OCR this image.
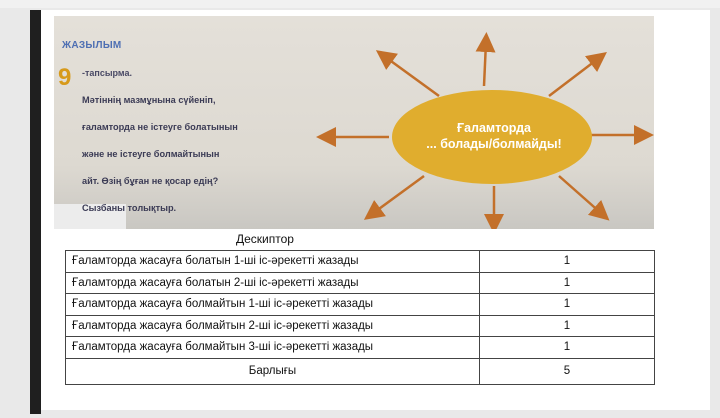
ЖАЗЫЛЫМ
9 -тапсырма.

Мәтіннің мазмұнына сүйеніп,

ғаламторда не істеуге болатынын

және не істеуге болмайтынын

айт. Өзің бұған не қосар едің?

Сызбаны толықтыр.

Ғаламторда
... болады/болмайды!
Дескиптор
Ғаламторда жасауға болатын 1-ші іс-әрекетті жазады	1
Ғаламторда жасауға болатын 2-ші іс-әрекетті жазады	1
Ғаламторда жасауға болмайтын 1-ші іс-әрекетті жазады	1
Ғаламторда жасауға болмайтын 2-ші іс-әрекетті жазады	1
Ғаламторда жасауға болмайтын 3-ші іс-әрекетті жазады	1
Барлығы	5
